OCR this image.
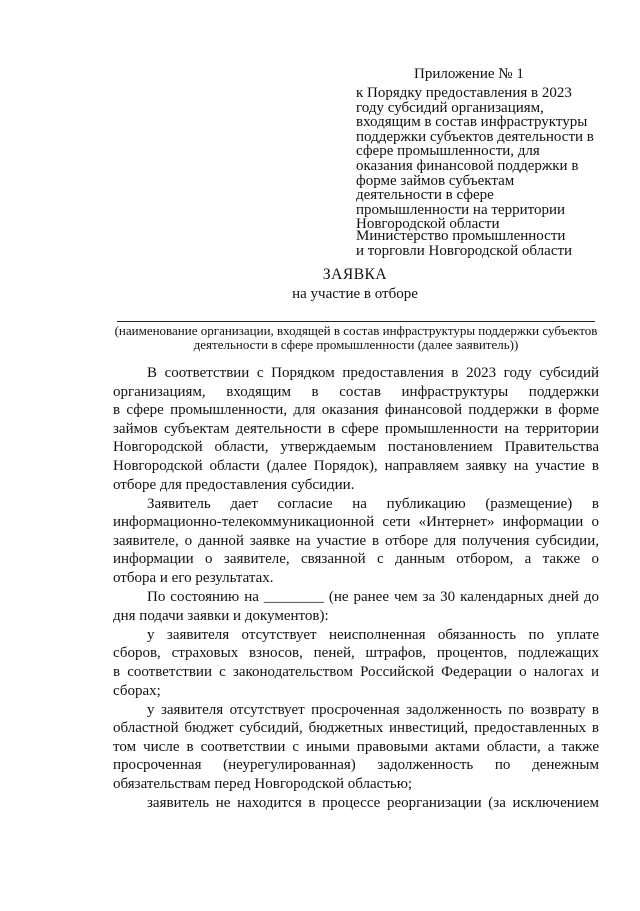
Приложение № 1
к Порядку предоставления в 2023
году субсидий организациям,
входящим в состав инфраструктуры
поддержки субъектов деятельности в
сфере промышленности, для
оказания финансовой поддержки в
форме займов субъектам
деятельности в сфере
промышленности на территории
Новгородской области
Министерство промышленности
и торговли Новгородской области
ЗАЯВКА
на участие в отборе
(наименование организации, входящей в состав инфраструктуры поддержки субъектов
деятельности в сфере промышленности (далее заявитель))
В соответствии с Порядком предоставления в 2023 году субсидий
организациям, входящим в состав инфраструктуры поддержки
в сфере промышленности, для оказания финансовой поддержки в форме
займов субъектам деятельности в сфере промышленности на территории
Новгородской области, утверждаемым постановлением Правительства
Новгородской области (далее Порядок), направляем заявку на участие в
отборе для предоставления субсидии.
Заявитель дает согласие на публикацию (размещение) в
информационно-телекоммуникационной сети «Интернет» информации о
заявителе, о данной заявке на участие в отборе для получения субсидии,
информации о заявителе, связанной с данным отбором, а также о
отбора и его результатах.
По состоянию на ________ (не ранее чем за 30 календарных дней до
дня подачи заявки и документов):
у заявителя отсутствует неисполненная обязанность по уплате
сборов, страховых взносов, пеней, штрафов, процентов, подлежащих
в соответствии с законодательством Российской Федерации о налогах и
сборах;
у заявителя отсутствует просроченная задолженность по возврату в
областной бюджет субсидий, бюджетных инвестиций, предоставленных в
том числе в соответствии с иными правовыми актами области, а также
просроченная (неурегулированная) задолженность по денежным
обязательствам перед Новгородской областью;
заявитель не находится в процессе реорганизации (за исключением
